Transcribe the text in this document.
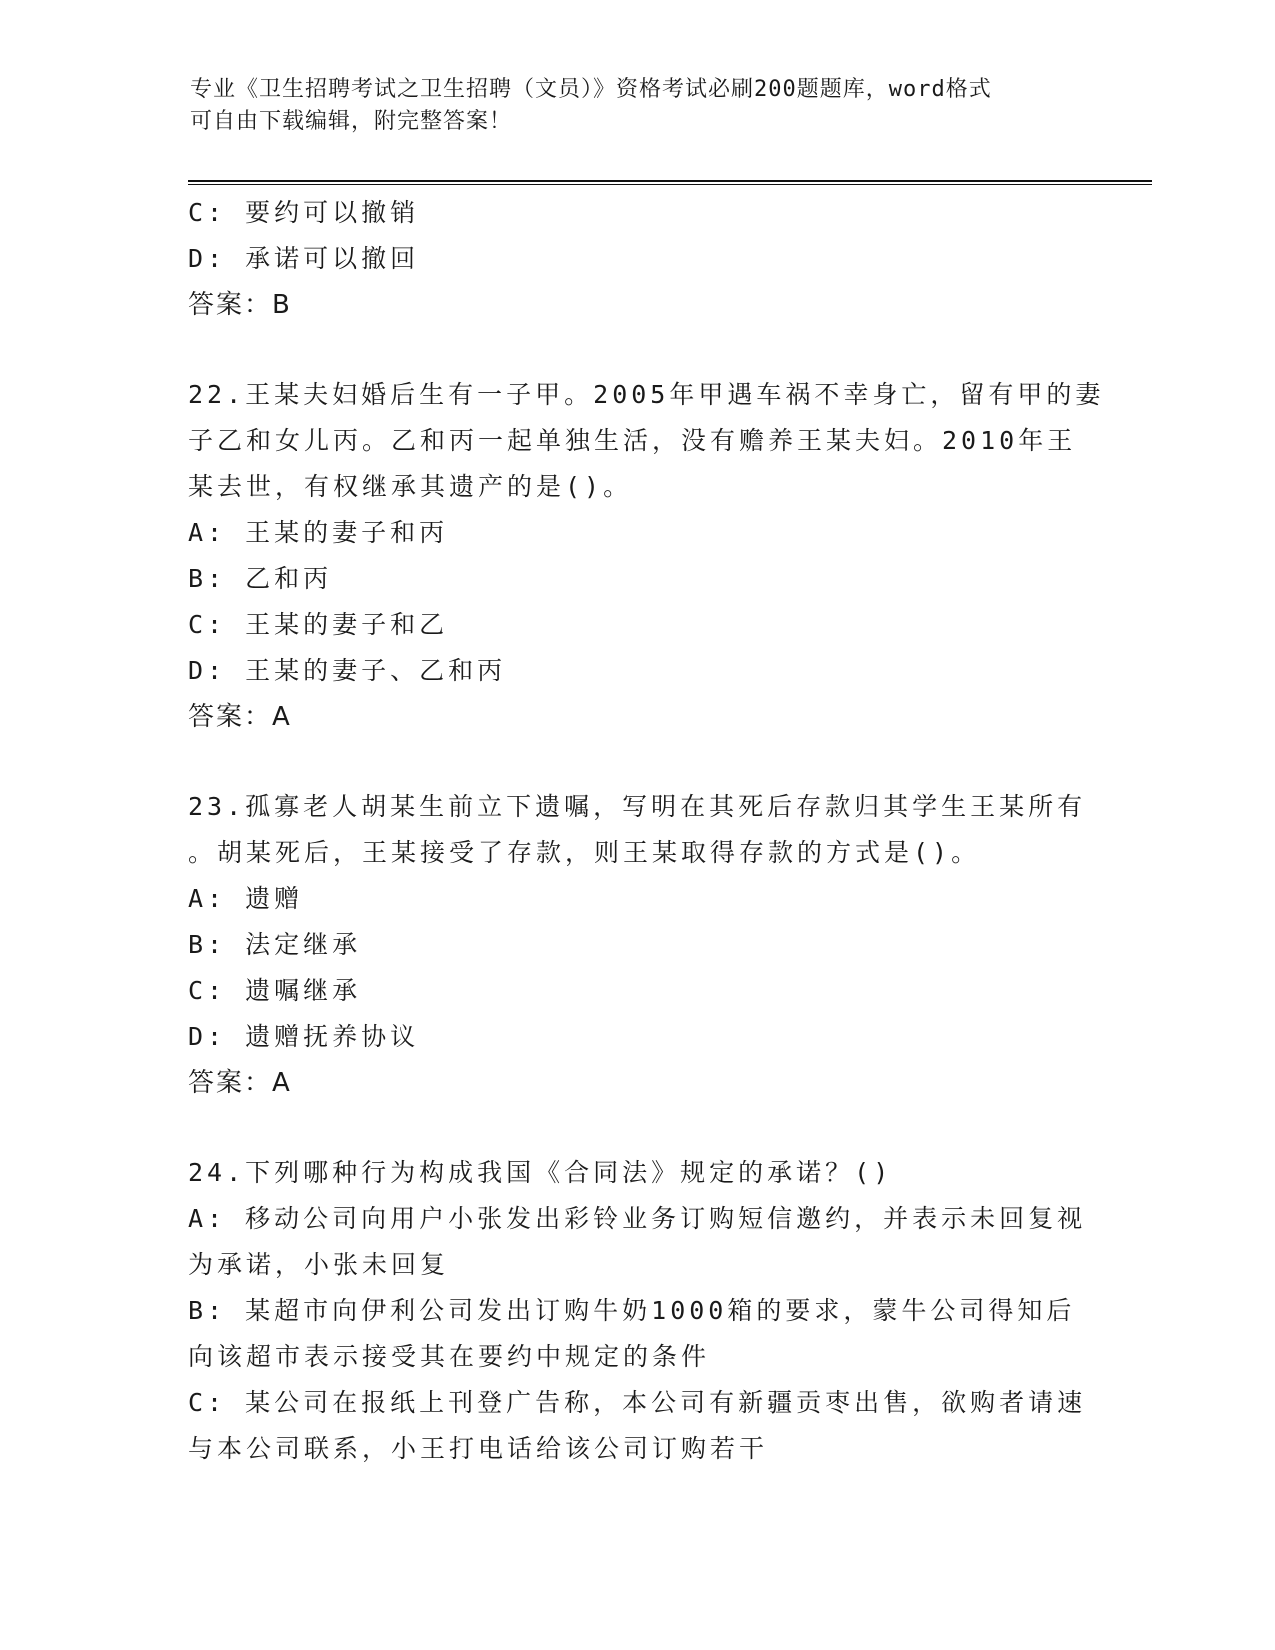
专业《卫生招聘考试之卫生招聘（文员）》资格考试必刷200题题库，word格式
可自由下载编辑，附完整答案！
C: 要约可以撤销
D: 承诺可以撤回
答案：B
22.王某夫妇婚后生有一子甲。2005年甲遇车祸不幸身亡，留有甲的妻
子乙和女儿丙。乙和丙一起单独生活，没有赡养王某夫妇。2010年王
某去世，有权继承其遗产的是()。
A: 王某的妻子和丙
B: 乙和丙
C: 王某的妻子和乙
D: 王某的妻子、乙和丙
答案：A
23.孤寡老人胡某生前立下遗嘱，写明在其死后存款归其学生王某所有
。胡某死后，王某接受了存款，则王某取得存款的方式是()。
A: 遗赠
B: 法定继承
C: 遗嘱继承
D: 遗赠抚养协议
答案：A
24.下列哪种行为构成我国《合同法》规定的承诺？()
A: 移动公司向用户小张发出彩铃业务订购短信邀约，并表示未回复视
为承诺，小张未回复
B: 某超市向伊利公司发出订购牛奶1000箱的要求，蒙牛公司得知后
向该超市表示接受其在要约中规定的条件
C: 某公司在报纸上刊登广告称，本公司有新疆贡枣出售，欲购者请速
与本公司联系，小王打电话给该公司订购若干
